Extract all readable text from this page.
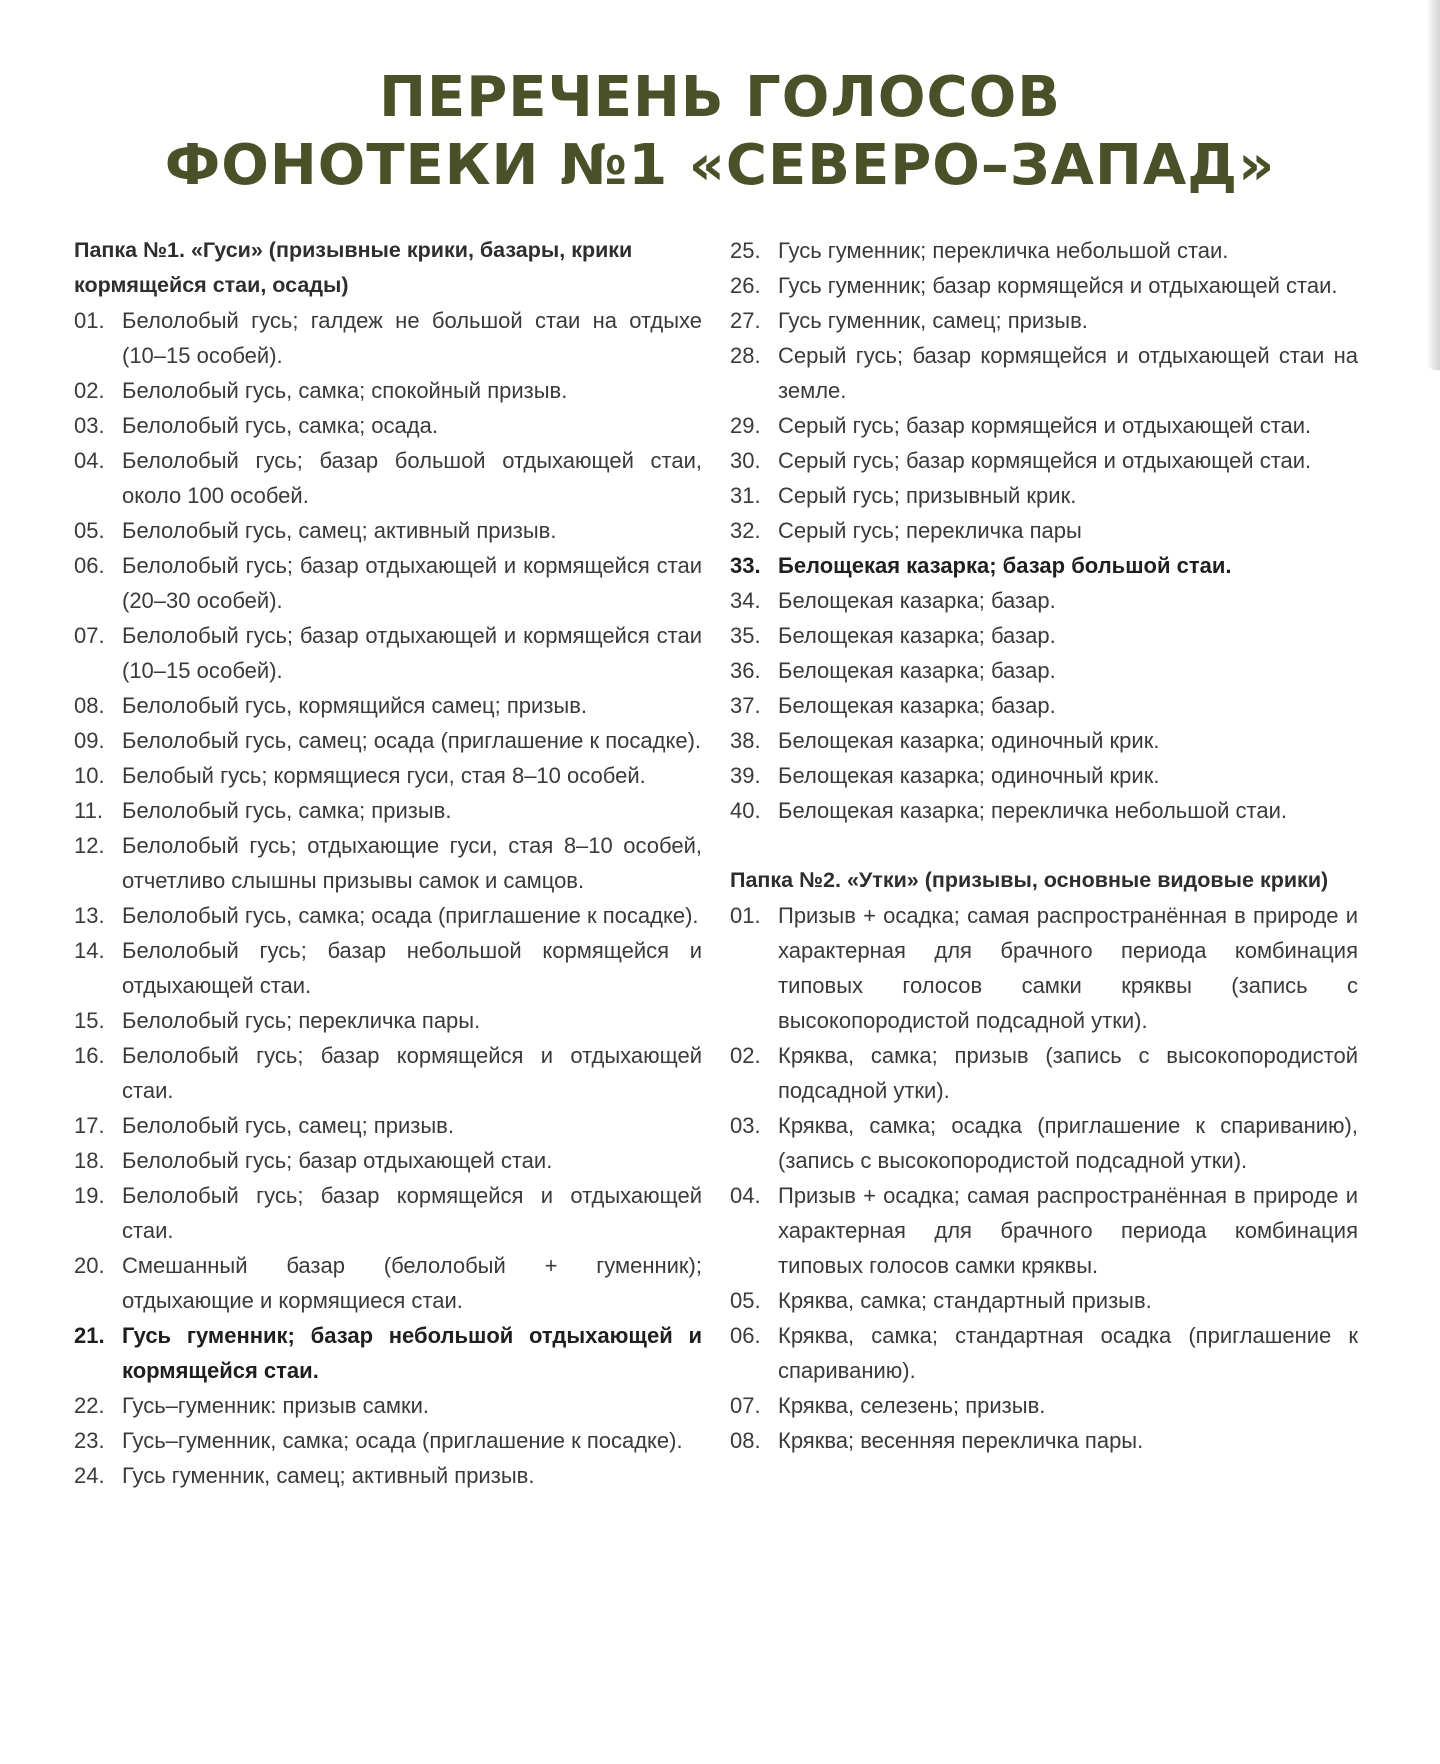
ПЕРЕЧЕНЬ ГОЛОСОВ
ФОНОТЕКИ №1 «СЕВЕРО–ЗАПАД»
Папка №1. «Гуси» (призывные крики, базары, крики кормящейся стаи, осады)
01. Белолобый гусь; галдеж не большой стаи на отдыхе (10–15 особей).
02. Белолобый гусь, самка; спокойный призыв.
03. Белолобый гусь, самка; осада.
04. Белолобый гусь; базар большой отдыхающей стаи, около 100 особей.
05. Белолобый гусь, самец; активный призыв.
06. Белолобый гусь; базар отдыхающей и кормящейся стаи (20–30 особей).
07. Белолобый гусь; базар отдыхающей и кормящейся стаи (10–15 особей).
08. Белолобый гусь, кормящийся самец; призыв.
09. Белолобый гусь, самец; осада (приглашение к посадке).
10. Белобый гусь; кормящиеся гуси, стая 8–10 особей.
11. Белолобый гусь, самка; призыв.
12. Белолобый гусь; отдыхающие гуси, стая 8–10 особей, отчетливо слышны призывы самок и самцов.
13. Белолобый гусь, самка; осада (приглашение к посадке).
14. Белолобый гусь; базар небольшой кормящейся и отдыхающей стаи.
15. Белолобый гусь; перекличка пары.
16. Белолобый гусь; базар кормящейся и отдыхающей стаи.
17. Белолобый гусь, самец; призыв.
18. Белолобый гусь; базар отдыхающей стаи.
19. Белолобый гусь; базар кормящейся и отдыхающей стаи.
20. Смешанный базар (белолобый + гуменник); отдыхающие и кормящиеся стаи.
21. Гусь гуменник; базар небольшой отдыхающей и кормящейся стаи.
22. Гусь–гуменник: призыв самки.
23. Гусь–гуменник, самка; осада (приглашение к посадке).
24. Гусь гуменник, самец; активный призыв.
25. Гусь гуменник; перекличка небольшой стаи.
26. Гусь гуменник; базар кормящейся и отдыхающей стаи.
27. Гусь гуменник, самец; призыв.
28. Серый гусь; базар кормящейся и отдыхающей стаи на земле.
29. Серый гусь; базар кормящейся и отдыхающей стаи.
30. Серый гусь; базар кормящейся и отдыхающей стаи.
31. Серый гусь; призывный крик.
32. Серый гусь; перекличка пары
33. Белощекая казарка; базар большой стаи.
34. Белощекая казарка; базар.
35. Белощекая казарка; базар.
36. Белощекая казарка; базар.
37. Белощекая казарка; базар.
38. Белощекая казарка; одиночный крик.
39. Белощекая казарка; одиночный крик.
40. Белощекая казарка; перекличка небольшой стаи.
Папка №2. «Утки» (призывы, основные видовые крики)
01. Призыв + осадка; самая распространённая в природе и характерная для брачного периода комбинация типовых голосов самки кряквы (запись с высокопородистой подсадной утки).
02. Кряква, самка; призыв (запись с высокопородистой подсадной утки).
03. Кряква, самка; осадка (приглашение к спариванию), (запись с высокопородистой подсадной утки).
04. Призыв + осадка; самая распространённая в природе и характерная для брачного периода комбинация типовых голосов самки кряквы.
05. Кряква, самка; стандартный призыв.
06. Кряква, самка; стандартная осадка (приглашение к спариванию).
07. Кряква, селезень; призыв.
08. Кряква; весенняя перекличка пары.
